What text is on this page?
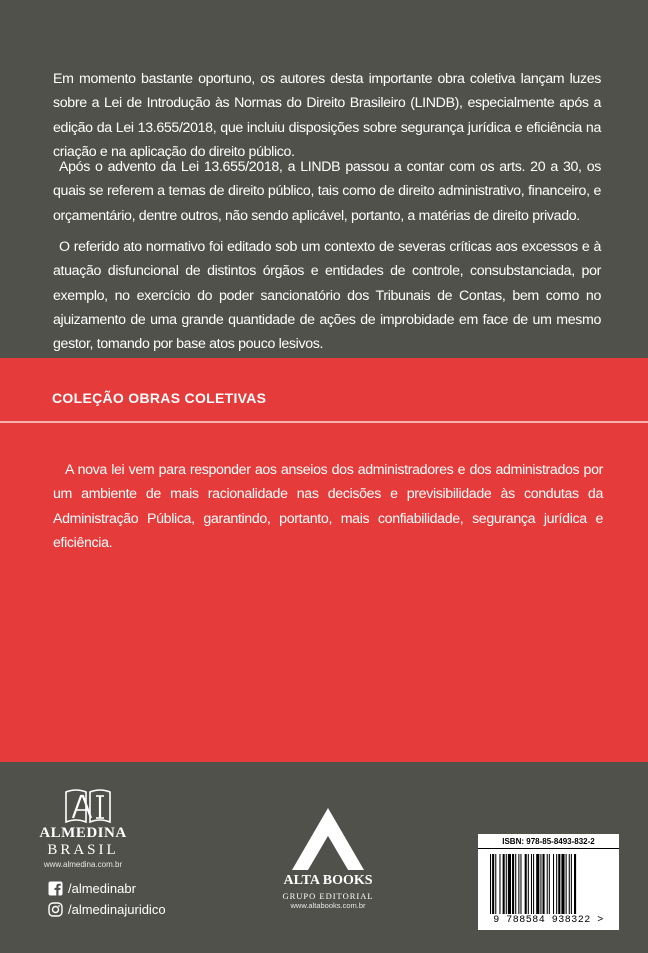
Em momento bastante oportuno, os autores desta importante obra coletiva lançam luzes sobre a Lei de Introdução às Normas do Direito Brasileiro (LINDB), especialmente após a edição da Lei 13.655/2018, que incluiu disposições sobre segurança jurídica e eficiência na criação e na aplicação do direito público.
Após o advento da Lei 13.655/2018, a LINDB passou a contar com os arts. 20 a 30, os quais se referem a temas de direito público, tais como de direito administrativo, financeiro, e orçamentário, dentre outros, não sendo aplicável, portanto, a matérias de direito privado.
O referido ato normativo foi editado sob um contexto de severas críticas aos excessos e à atuação disfuncional de distintos órgãos e entidades de controle, consubstanciada, por exemplo, no exercício do poder sancionatório dos Tribunais de Contas, bem como no ajuizamento de uma grande quantidade de ações de improbidade em face de um mesmo gestor, tomando por base atos pouco lesivos.
COLEÇÃO OBRAS COLETIVAS
A nova lei vem para responder aos anseios dos administradores e dos administrados por um ambiente de mais racionalidade nas decisões e previsibilidade às condutas da Administração Pública, garantindo, portanto, mais confiabilidade, segurança jurídica e eficiência.
ALMEDINA
BRASIL
www.almedina.com.br
/almedinabr
/almedinajuridico
ALTA BOOKS
GRUPO EDITORIAL
www.altabooks.com.br
ISBN: 978-85-8493-832-2
9 788584 938322 >
